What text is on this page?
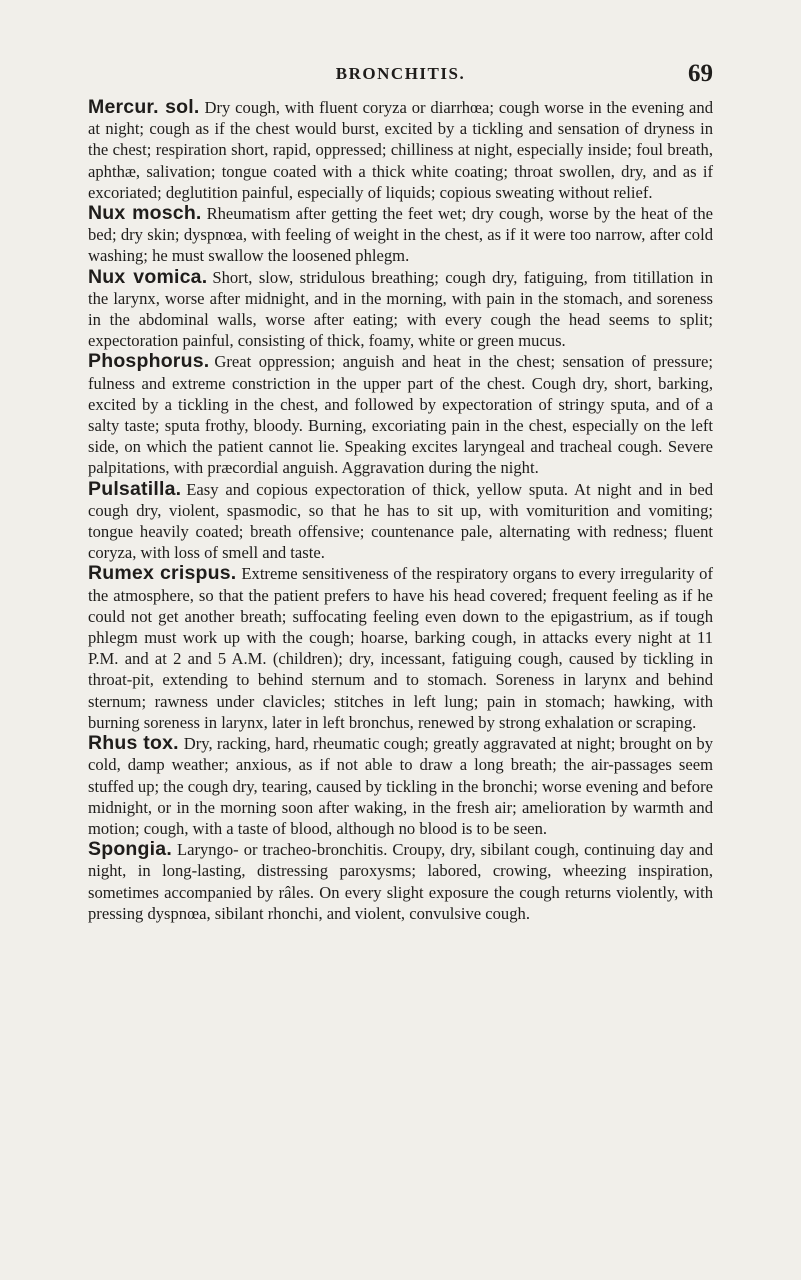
BRONCHITIS.	69

Mercur. sol. Dry cough, with fluent coryza or diarrhœa; cough worse in the evening and at night; cough as if the chest would burst, excited by a tickling and sensation of dryness in the chest; respiration short, rapid, oppressed; chilliness at night, especially inside; foul breath, aphthæ, salivation; tongue coated with a thick white coating; throat swollen, dry, and as if excoriated; deglutition painful, especially of liquids; copious sweating without relief.

Nux mosch. Rheumatism after getting the feet wet; dry cough, worse by the heat of the bed; dry skin; dyspnœa, with feeling of weight in the chest, as if it were too narrow, after cold washing; he must swallow the loosened phlegm.

Nux vomica. Short, slow, stridulous breathing; cough dry, fatiguing, from titillation in the larynx, worse after midnight, and in the morning, with pain in the stomach, and soreness in the abdominal walls, worse after eating; with every cough the head seems to split; expectoration painful, consisting of thick, foamy, white or green mucus.

Phosphorus. Great oppression; anguish and heat in the chest; sensation of pressure; fulness and extreme constriction in the upper part of the chest. Cough dry, short, barking, excited by a tickling in the chest, and followed by expectoration of stringy sputa, and of a salty taste; sputa frothy, bloody. Burning, excoriating pain in the chest, especially on the left side, on which the patient cannot lie. Speaking excites laryngeal and tracheal cough. Severe palpitations, with præcordial anguish. Aggravation during the night.

Pulsatilla. Easy and copious expectoration of thick, yellow sputa. At night and in bed cough dry, violent, spasmodic, so that he has to sit up, with vomiturition and vomiting; tongue heavily coated; breath offensive; countenance pale, alternating with redness; fluent coryza, with loss of smell and taste.

Rumex crispus. Extreme sensitiveness of the respiratory organs to every irregularity of the atmosphere, so that the patient prefers to have his head covered; frequent feeling as if he could not get another breath; suffocating feeling even down to the epigastrium, as if tough phlegm must work up with the cough; hoarse, barking cough, in attacks every night at 11 P.M. and at 2 and 5 A.M. (children); dry, incessant, fatiguing cough, caused by tickling in throat-pit, extending to behind sternum and to stomach. Soreness in larynx and behind sternum; rawness under clavicles; stitches in left lung; pain in stomach; hawking, with burning soreness in larynx, later in left bronchus, renewed by strong exhalation or scraping.

Rhus tox. Dry, racking, hard, rheumatic cough; greatly aggravated at night; brought on by cold, damp weather; anxious, as if not able to draw a long breath; the air-passages seem stuffed up; the cough dry, tearing, caused by tickling in the bronchi; worse evening and before midnight, or in the morning soon after waking, in the fresh air; amelioration by warmth and motion; cough, with a taste of blood, although no blood is to be seen.

Spongia. Laryngo- or tracheo-bronchitis. Croupy, dry, sibilant cough, continuing day and night, in long-lasting, distressing paroxysms; labored, crowing, wheezing inspiration, sometimes accompanied by râles. On every slight exposure the cough returns violently, with pressing dyspnœa, sibilant rhonchi, and violent, convulsive cough.
